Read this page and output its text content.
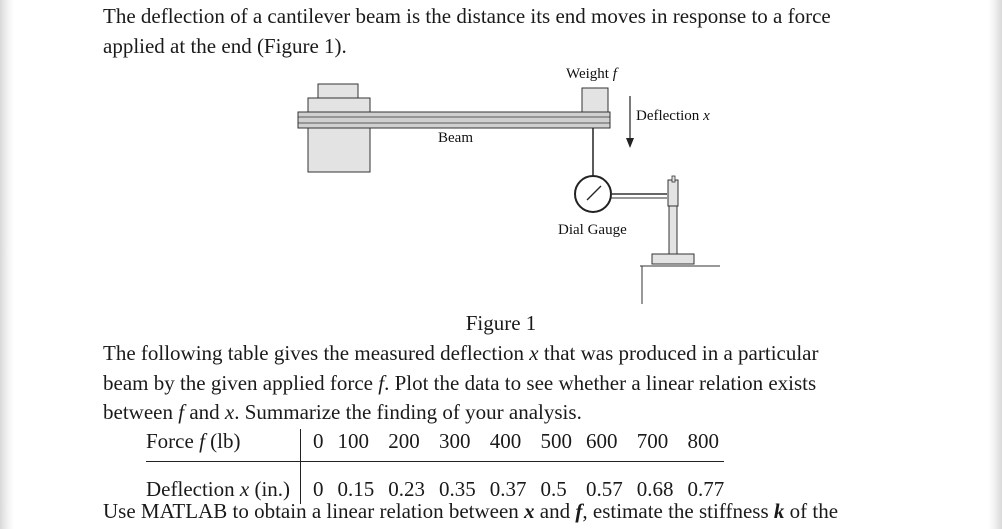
The deflection of a cantilever beam is the distance its end moves in response to a force
applied at the end (Figure 1).

Weight f
Deflection x
Beam
Dial Gauge
Figure 1

The following table gives the measured deflection x that was produced in a particular
beam by the given applied force f. Plot the data to see whether a linear relation exists
between f and x. Summarize the finding of your analysis.

Force f (lb)	0	100	200	300	400	500	600	700	800
Deflection x (in.)	0	0.15	0.23	0.35	0.37	0.5	0.57	0.68	0.77

Use MATLAB to obtain a linear relation between x and f, estimate the stiffness k of the
